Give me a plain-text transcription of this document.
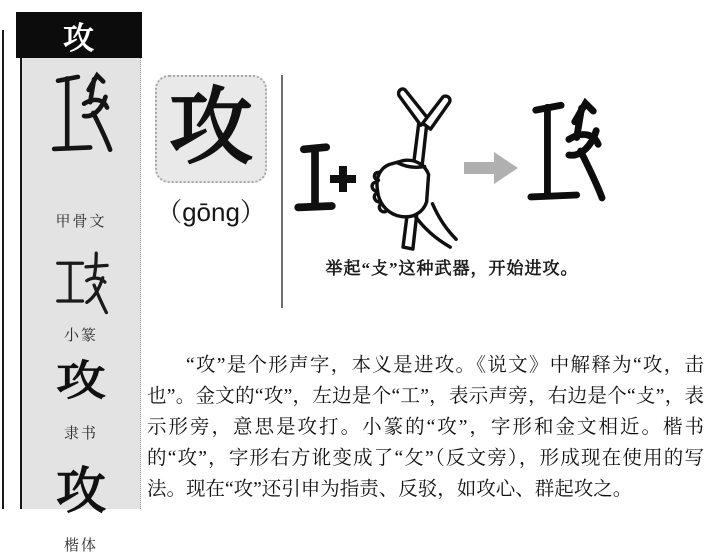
攻
甲骨文
小篆
攻
隶书
攻
楷体
攻
（gōng）
举起“攴”这种武器，开始进攻。

“攻”是个形声字，本义是进攻。《说文》中解释为“攻，击也”。金文的“攻”，左边是个“工”，表示声旁，右边是个“攴”，表示形旁，意思是攻打。小篆的“攻”，字形和金文相近。楷书的“攻”，字形右方讹变成了“攵”（反文旁），形成现在使用的写法。现在“攻”还引申为指责、反驳，如攻心、群起攻之。
